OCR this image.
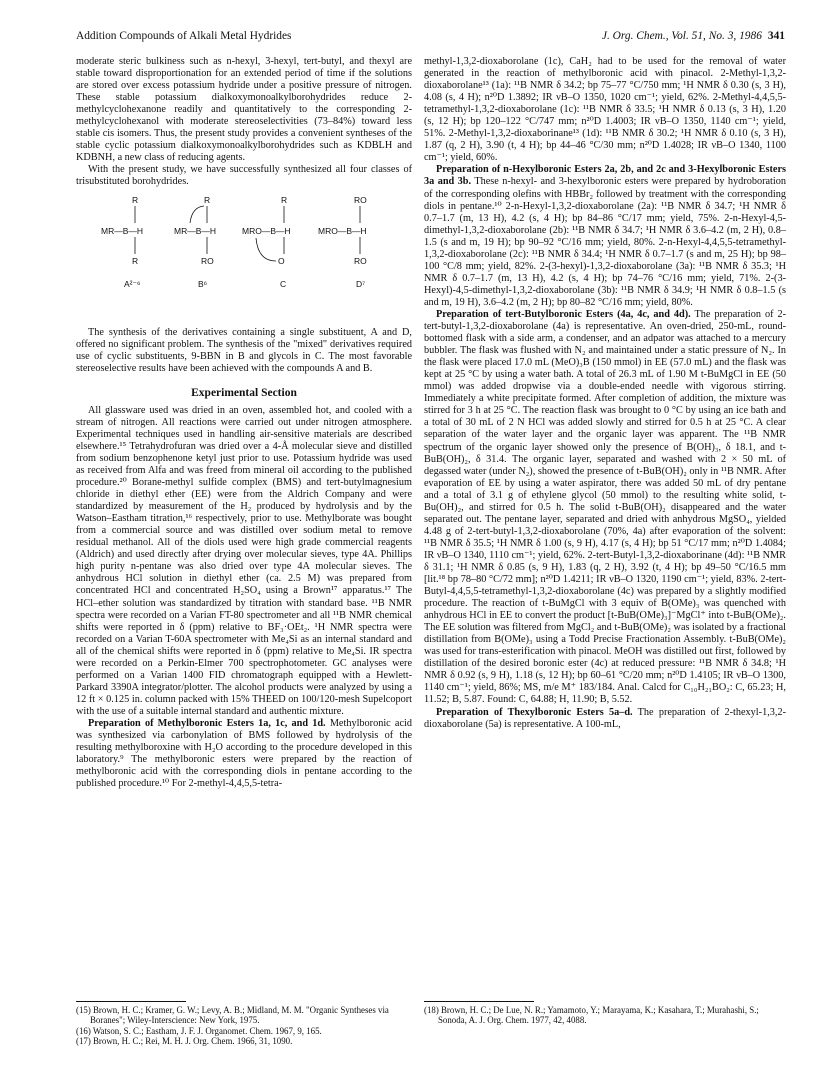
Addition Compounds of Alkali Metal Hydrides	J. Org. Chem., Vol. 51, No. 3, 1986 341

moderate steric bulkiness such as n-hexyl, 3-hexyl, tert-butyl, and thexyl are stable toward disproportionation for an extended period of time if the solutions are stored over excess potassium hydride under a positive pressure of nitrogen. These stable potassium dialkoxymonoalkylborohydrides reduce 2-methylcyclohexanone readily and quantitatively to the corresponding 2-methylcyclohexanol with moderate stereoselectivities (73–84%) toward less stable cis isomers. Thus, the present study provides a convenient syntheses of the stable cyclic potassium dialkoxymonoalkylborohydrides such as KDBLH and KDBNH, a new class of reducing agents.

With the present study, we have successfully synthesized all four classes of trisubstituted borohydrides.

R
MR—B—H
R
A²⁻⁶
R
MR—B—H
RO
B⁶
R
MRO—B—H
O
C
RO
MRO—B—H
RO
D⁷

The synthesis of the derivatives containing a single substituent, A and D, offered no significant problem. The synthesis of the "mixed" derivatives required use of cyclic substituents, 9-BBN in B and glycols in C. The most favorable stereoselective results have been achieved with the compounds A and B.

Experimental Section

All glassware used was dried in an oven, assembled hot, and cooled with a stream of nitrogen. All reactions were carried out under nitrogen atmosphere. Experimental techniques used in handling air-sensitive materials are described elsewhere.¹⁵ Tetrahydrofuran was dried over a 4-Å molecular sieve and distilled from sodium benzophenone ketyl just prior to use. Potassium hydride was used as received from Alfa and was freed from mineral oil according to the published procedure.²⁰ Borane-methyl sulfide complex (BMS) and tert-butylmagnesium chloride in diethyl ether (EE) were from the Aldrich Company and were standardized by measurement of the H₂ produced by hydrolysis and by the Watson–Eastham titration,¹⁶ respectively, prior to use. Methylborate was bought from a commercial source and was distilled over sodium metal to remove residual methanol. All of the diols used were high grade commercial reagents (Aldrich) and used directly after drying over molecular sieves, type 4A. Phillips high purity n-pentane was also dried over type 4A molecular sieves. The anhydrous HCl solution in diethyl ether (ca. 2.5 M) was prepared from concentrated HCl and concentrated H₂SO₄ using a Brown¹⁷ apparatus.¹⁷ The HCl–ether solution was standardized by titration with standard base. ¹¹B NMR spectra were recorded on a Varian FT-80 spectrometer and all ¹¹B NMR chemical shifts were reported in δ (ppm) relative to BF₃·OEt₂. ¹H NMR spectra were recorded on a Varian T-60A spectrometer with Me₄Si as an internal standard and all of the chemical shifts were reported in δ (ppm) relative to Me₄Si. IR spectra were recorded on a Perkin-Elmer 700 spectrophotometer. GC analyses were performed on a Varian 1400 FID chromatograph equipped with a Hewlett-Parkard 3390A integrator/plotter. The alcohol products were analyzed by using a 12 ft × 0.125 in. column packed with 15% THEED on 100/120-mesh Supelcoport with the use of a suitable internal standard and authentic mixture.

Preparation of Methylboronic Esters 1a, 1c, and 1d. Methylboronic acid was synthesized via carbonylation of BMS followed by hydrolysis of the resulting methylboroxine with H₂O according to the procedure developed in this laboratory.⁹ The methylboronic esters were prepared by the reaction of methylboronic acid with the corresponding diols in pentane according to the published procedure.¹⁰ For 2-methyl-4,4,5,5-tetra-

methyl-1,3,2-dioxaborolane (1c), CaH₂ had to be used for the removal of water generated in the reaction of methylboronic acid with pinacol. 2-Methyl-1,3,2-dioxaborolane¹³ (1a): ¹¹B NMR δ 34.2; bp 75–77 °C/750 mm; ¹H NMR δ 0.30 (s, 3 H), 4.08 (s, 4 H); n²⁰D 1.3892; IR νB–O 1350, 1020 cm⁻¹; yield, 62%. 2-Methyl-4,4,5,5-tetramethyl-1,3,2-dioxaborolane (1c): ¹¹B NMR δ 33.5; ¹H NMR δ 0.13 (s, 3 H), 1.20 (s, 12 H); bp 120–122 °C/747 mm; n²⁰D 1.4003; IR νB–O 1350, 1140 cm⁻¹; yield, 51%. 2-Methyl-1,3,2-dioxaborinane¹³ (1d): ¹¹B NMR δ 30.2; ¹H NMR δ 0.10 (s, 3 H), 1.87 (q, 2 H), 3.90 (t, 4 H); bp 44–46 °C/30 mm; n²⁰D 1.4028; IR νB–O 1340, 1100 cm⁻¹; yield, 60%.

Preparation of n-Hexylboronic Esters 2a, 2b, and 2c and 3-Hexylboronic Esters 3a and 3b. These n-hexyl- and 3-hexylboronic esters were prepared by hydroboration of the corresponding olefins with HBBr₂ followed by treatment with the corresponding diols in pentane.¹⁰ 2-n-Hexyl-1,3,2-dioxaborolane (2a): ¹¹B NMR δ 34.7; ¹H NMR δ 0.7–1.7 (m, 13 H), 4.2 (s, 4 H); bp 84–86 °C/17 mm; yield, 75%. 2-n-Hexyl-4,5-dimethyl-1,3,2-dioxaborolane (2b): ¹¹B NMR δ 34.7; ¹H NMR δ 3.6–4.2 (m, 2 H), 0.8–1.5 (s and m, 19 H); bp 90–92 °C/16 mm; yield, 80%. 2-n-Hexyl-4,4,5,5-tetramethyl-1,3,2-dioxaborolane (2c): ¹¹B NMR δ 34.4; ¹H NMR δ 0.7–1.7 (s and m, 25 H); bp 98–100 °C/8 mm; yield, 82%. 2-(3-hexyl)-1,3,2-dioxaborolane (3a): ¹¹B NMR δ 35.3; ¹H NMR δ 0.7–1.7 (m, 13 H), 4.2 (s, 4 H); bp 74–76 °C/16 mm; yield, 71%. 2-(3-Hexyl)-4,5-dimethyl-1,3,2-dioxaborolane (3b): ¹¹B NMR δ 34.9; ¹H NMR δ 0.8–1.5 (s and m, 19 H), 3.6–4.2 (m, 2 H); bp 80–82 °C/16 mm; yield, 80%.

Preparation of tert-Butylboronic Esters (4a, 4c, and 4d). The preparation of 2-tert-butyl-1,3,2-dioxaborolane (4a) is representative. An oven-dried, 250-mL, round-bottomed flask with a side arm, a condenser, and an adpator was attached to a mercury bubbler. The flask was flushed with N₂ and maintained under a static pressure of N₂. In the flask were placed 17.0 mL (MeO)₃B (150 mmol) in EE (57.0 mL) and the flask was kept at 25 °C by using a water bath. A total of 26.3 mL of 1.90 M t-BuMgCl in EE (50 mmol) was added dropwise via a double-ended needle with vigorous stirring. Immediately a white precipitate formed. After completion of addition, the mixture was stirred for 3 h at 25 °C. The reaction flask was brought to 0 °C by using an ice bath and a total of 30 mL of 2 N HCl was added slowly and stirred for 0.5 h at 25 °C. A clear separation of the water layer and the organic layer was apparent. The ¹¹B NMR spectrum of the organic layer showed only the presence of B(OH)₃, δ 18.1, and t-BuB(OH)₂, δ 31.4. The organic layer, separated and washed with 2 × 50 mL of degassed water (under N₂), showed the presence of t-BuB(OH)₂ only in ¹¹B NMR. After evaporation of EE by using a water aspirator, there was added 50 mL of dry pentane and a total of 3.1 g of ethylene glycol (50 mmol) to the resulting white solid, t-Bu(OH)₂, and stirred for 0.5 h. The solid t-BuB(OH)₂ disappeared and the water separated out. The pentane layer, separated and dried with anhydrous MgSO₄, yielded 4.48 g of 2-tert-butyl-1,3,2-dioxaborolane (70%, 4a) after evaporation of the solvent: ¹¹B NMR δ 35.5; ¹H NMR δ 1.00 (s, 9 H), 4.17 (s, 4 H); bp 51 °C/17 mm; n²⁰D 1.4084; IR νB–O 1340, 1110 cm⁻¹; yield, 62%. 2-tert-Butyl-1,3,2-dioxaborinane (4d): ¹¹B NMR δ 31.1; ¹H NMR δ 0.85 (s, 9 H), 1.83 (q, 2 H), 3.92 (t, 4 H); bp 49–50 °C/16.5 mm [lit.¹⁸ bp 78–80 °C/72 mm]; n²⁰D 1.4211; IR νB–O 1320, 1190 cm⁻¹; yield, 83%. 2-tert-Butyl-4,4,5,5-tetramethyl-1,3,2-dioxaborolane (4c) was prepared by a slightly modified procedure. The reaction of t-BuMgCl with 3 equiv of B(OMe)₃ was quenched with anhydrous HCl in EE to convert the product [t-BuB(OMe)₃]⁻MgCl⁺ into t-BuB(OMe)₂. The EE solution was filtered from MgCl₂ and t-BuB(OMe)₂ was isolated by a fractional distillation from B(OMe)₃ using a Todd Precise Fractionation Assembly. t-BuB(OMe)₂ was used for trans-esterification with pinacol. MeOH was distilled out first, followed by distillation of the desired boronic ester (4c) at reduced pressure: ¹¹B NMR δ 34.8; ¹H NMR δ 0.92 (s, 9 H), 1.18 (s, 12 H); bp 60–61 °C/20 mm; n²⁰D 1.4105; IR νB–O 1300, 1140 cm⁻¹; yield, 86%; MS, m/e M⁺ 183/184. Anal. Calcd for C₁₀H₂₁BO₂: C, 65.23; H, 11.52; B, 5.87. Found: C, 64.88; H, 11.90; B, 5.52.

Preparation of Thexylboronic Esters 5a–d. The preparation of 2-thexyl-1,3,2-dioxaborolane (5a) is representative. A 100-mL,

(15) Brown, H. C.; Kramer, G. W.; Levy, A. B.; Midland, M. M. "Organic Syntheses via Boranes"; Wiley-Interscience: New York, 1975.

(16) Watson, S. C.; Eastham, J. F. J. Organomet. Chem. 1967, 9, 165.

(17) Brown, H. C.; Rei, M. H. J. Org. Chem. 1966, 31, 1090.

(18) Brown, H. C.; De Lue, N. R.; Yamamoto, Y.; Marayama, K.; Kasahara, T.; Murahashi, S.; Sonoda, A. J. Org. Chem. 1977, 42, 4088.
